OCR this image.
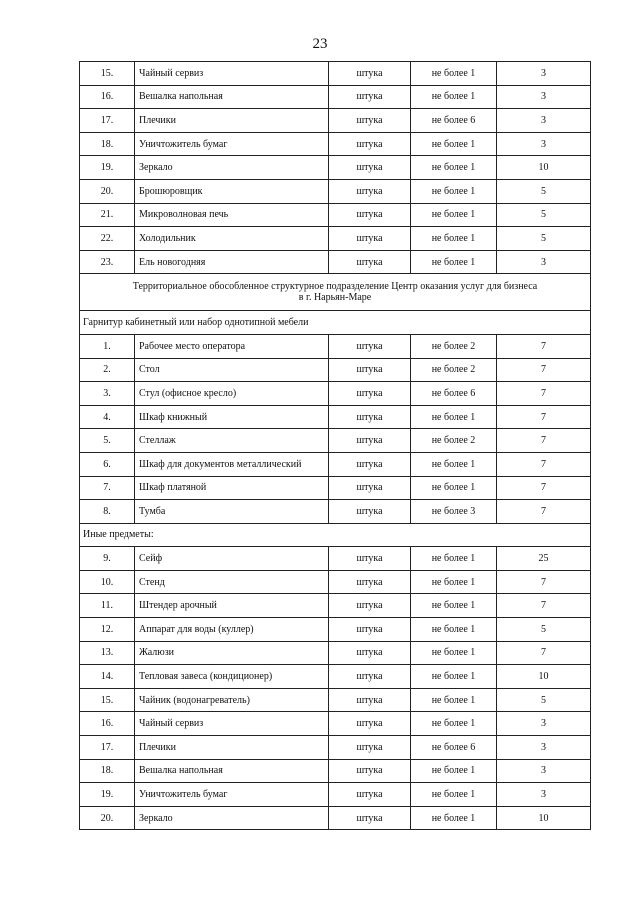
23
15.	Чайный сервиз	штука	не более 1	3
16.	Вешалка напольная	штука	не более 1	3
17.	Плечики	штука	не более 6	3
18.	Уничтожитель бумаг	штука	не более 1	3
19.	Зеркало	штука	не более 1	10
20.	Брошюровщик	штука	не более 1	5
21.	Микроволновая печь	штука	не более 1	5
22.	Холодильник	штука	не более 1	5
23.	Ель новогодняя	штука	не более 1	3
Территориальное обособленное структурное подразделение Центр оказания услуг для бизнеса
в г. Нарьян-Маре				
Гарнитур кабинетный или набор однотипной мебели				
1.	Рабочее место оператора	штука	не более 2	7
2.	Стол	штука	не более 2	7
3.	Стул (офисное кресло)	штука	не более 6	7
4.	Шкаф книжный	штука	не более 1	7
5.	Стеллаж	штука	не более 2	7
6.	Шкаф для документов металлический	штука	не более 1	7
7.	Шкаф платяной	штука	не более 1	7
8.	Тумба	штука	не более 3	7
Иные предметы:				
9.	Сейф	штука	не более 1	25
10.	Стенд	штука	не более 1	7
11.	Штендер арочный	штука	не более 1	7
12.	Аппарат для воды (куллер)	штука	не более 1	5
13.	Жалюзи	штука	не более 1	7
14.	Тепловая завеса (кондиционер)	штука	не более 1	10
15.	Чайник (водонагреватель)	штука	не более 1	5
16.	Чайный сервиз	штука	не более 1	3
17.	Плечики	штука	не более 6	3
18.	Вешалка напольная	штука	не более 1	3
19.	Уничтожитель бумаг	штука	не более 1	3
20.	Зеркало	штука	не более 1	10
